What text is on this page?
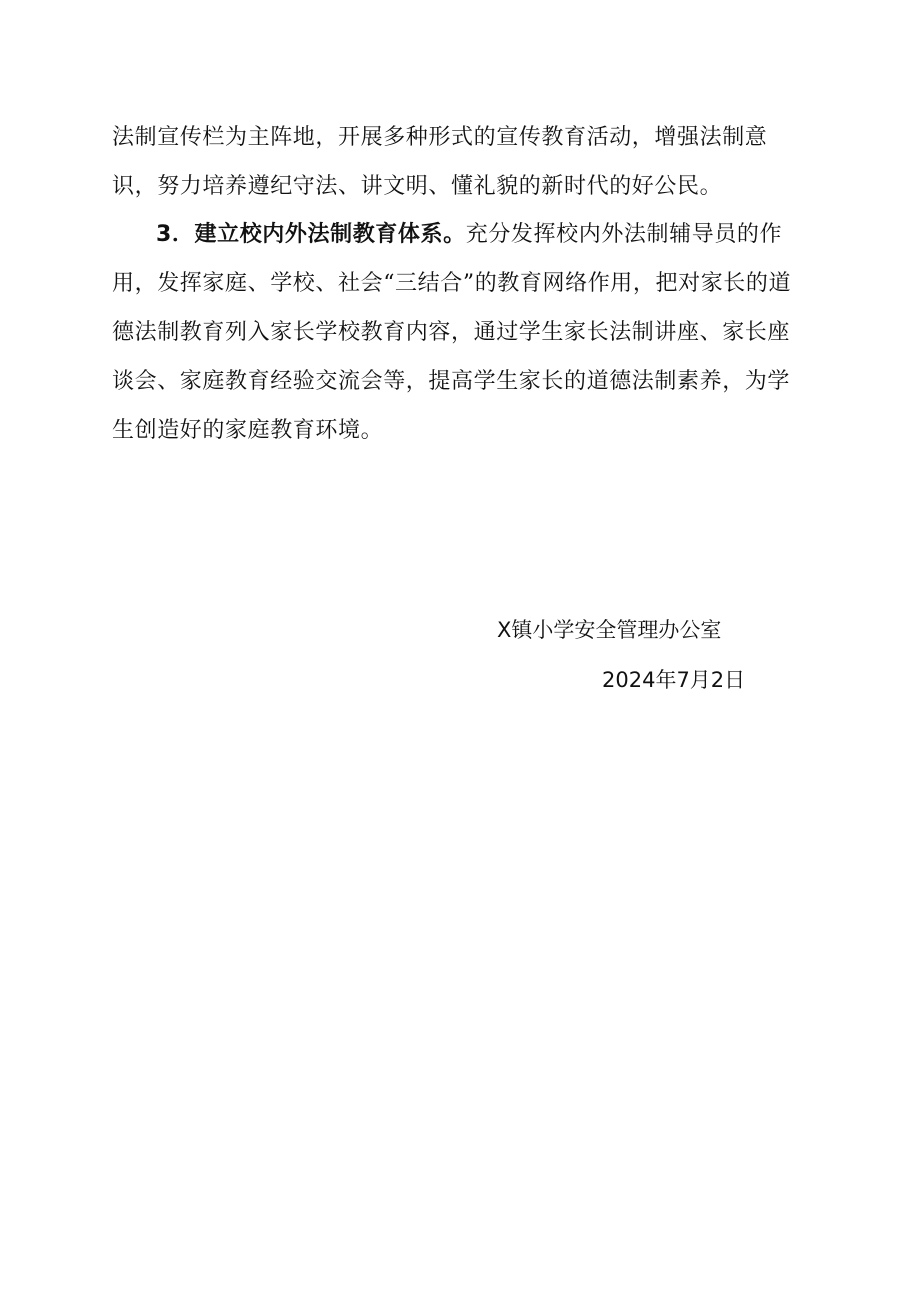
法制宣传栏为主阵地，开展多种形式的宣传教育活动，增强法制意识，努力培养遵纪守法、讲文明、懂礼貌的新时代的好公民。

3．建立校内外法制教育体系。充分发挥校内外法制辅导员的作用，发挥家庭、学校、社会“三结合”的教育网络作用，把对家长的道德法制教育列入家长学校教育内容，通过学生家长法制讲座、家长座谈会、家庭教育经验交流会等，提高学生家长的道德法制素养，为学生创造好的家庭教育环境。

X镇小学安全管理办公室
2024年7月2日
